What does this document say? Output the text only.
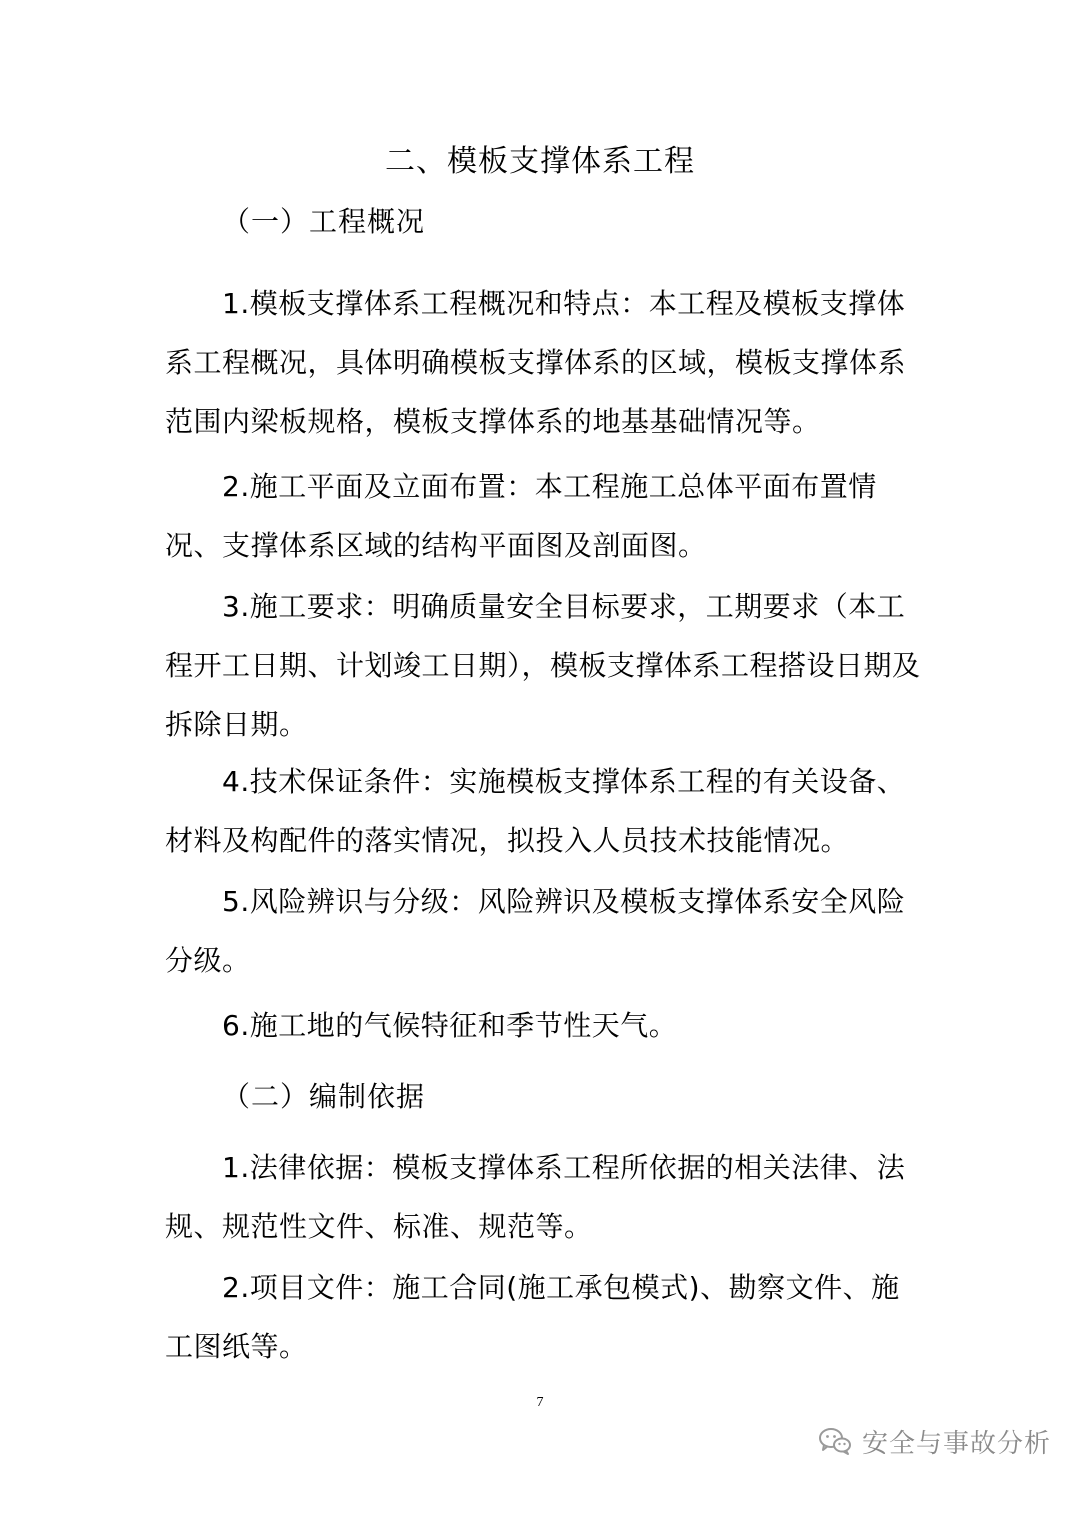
二、模板支撑体系工程
（一）工程概况

1.模板支撑体系工程概况和特点：本工程及模板支撑体系工程概况，具体明确模板支撑体系的区域，模板支撑体系范围内梁板规格，模板支撑体系的地基基础情况等。

2.施工平面及立面布置：本工程施工总体平面布置情况、支撑体系区域的结构平面图及剖面图。

3.施工要求：明确质量安全目标要求，工期要求（本工程开工日期、计划竣工日期），模板支撑体系工程搭设日期及拆除日期。

4.技术保证条件：实施模板支撑体系工程的有关设备、材料及构配件的落实情况，拟投入人员技术技能情况。

5.风险辨识与分级：风险辨识及模板支撑体系安全风险分级。

6.施工地的气候特征和季节性天气。

（二）编制依据

1.法律依据：模板支撑体系工程所依据的相关法律、法规、规范性文件、标准、规范等。

2.项目文件：施工合同(施工承包模式)、勘察文件、施工图纸等。

7
安全与事故分析
